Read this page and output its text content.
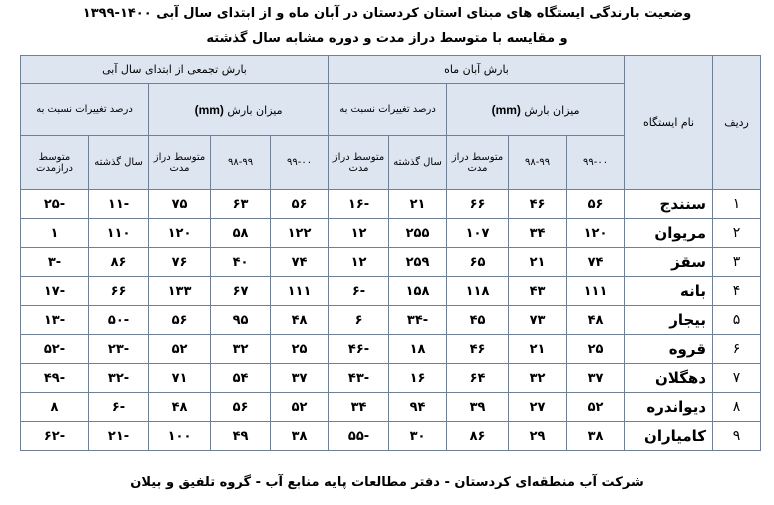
وضعیت بارندگی ایستگاه های مبنای استان کردستان در آبان ماه و از ابتدای سال آبی ۱۴۰۰-۱۳۹۹
و مقایسه با متوسط دراز مدت و دوره مشابه سال گذشته
ردیف	نام ایستگاه	بارش آبان ماه					بارش تجمعی از ابتدای سال آبی				
		میزان بارش (mm)			درصد تغییرات نسبت به		میزان بارش (mm)			درصد تغییرات نسبت به	
		۹۹-۰۰	۹۸-۹۹	متوسط دراز مدت	سال گذشته	متوسط دراز مدت	۹۹-۰۰	۹۸-۹۹	متوسط دراز مدت	سال گذشته	متوسط درازمدت
۱	سنندج	۵۶	۴۶	۶۶	۲۱	-۱۶	۵۶	۶۳	۷۵	-۱۱	-۲۵
۲	مریوان	۱۲۰	۳۴	۱۰۷	۲۵۵	۱۲	۱۲۲	۵۸	۱۲۰	۱۱۰	۱
۳	سقز	۷۴	۲۱	۶۵	۲۵۹	۱۲	۷۴	۴۰	۷۶	۸۶	-۳
۴	بانه	۱۱۱	۴۳	۱۱۸	۱۵۸	-۶	۱۱۱	۶۷	۱۳۳	۶۶	-۱۷
۵	بیجار	۴۸	۷۳	۴۵	-۳۴	۶	۴۸	۹۵	۵۶	-۵۰	-۱۳
۶	قروه	۲۵	۲۱	۴۶	۱۸	-۴۶	۲۵	۳۲	۵۲	-۲۳	-۵۲
۷	دهگلان	۳۷	۳۲	۶۴	۱۶	-۴۳	۳۷	۵۴	۷۱	-۳۲	-۴۹
۸	دیواندره	۵۲	۲۷	۳۹	۹۴	۳۴	۵۲	۵۶	۴۸	-۶	۸
۹	کامیاران	۳۸	۲۹	۸۶	۳۰	-۵۵	۳۸	۴۹	۱۰۰	-۲۱	-۶۲
شرکت آب منطقه‌ای کردستان - دفتر مطالعات پایه منابع آب - گروه تلفیق و بیلان
